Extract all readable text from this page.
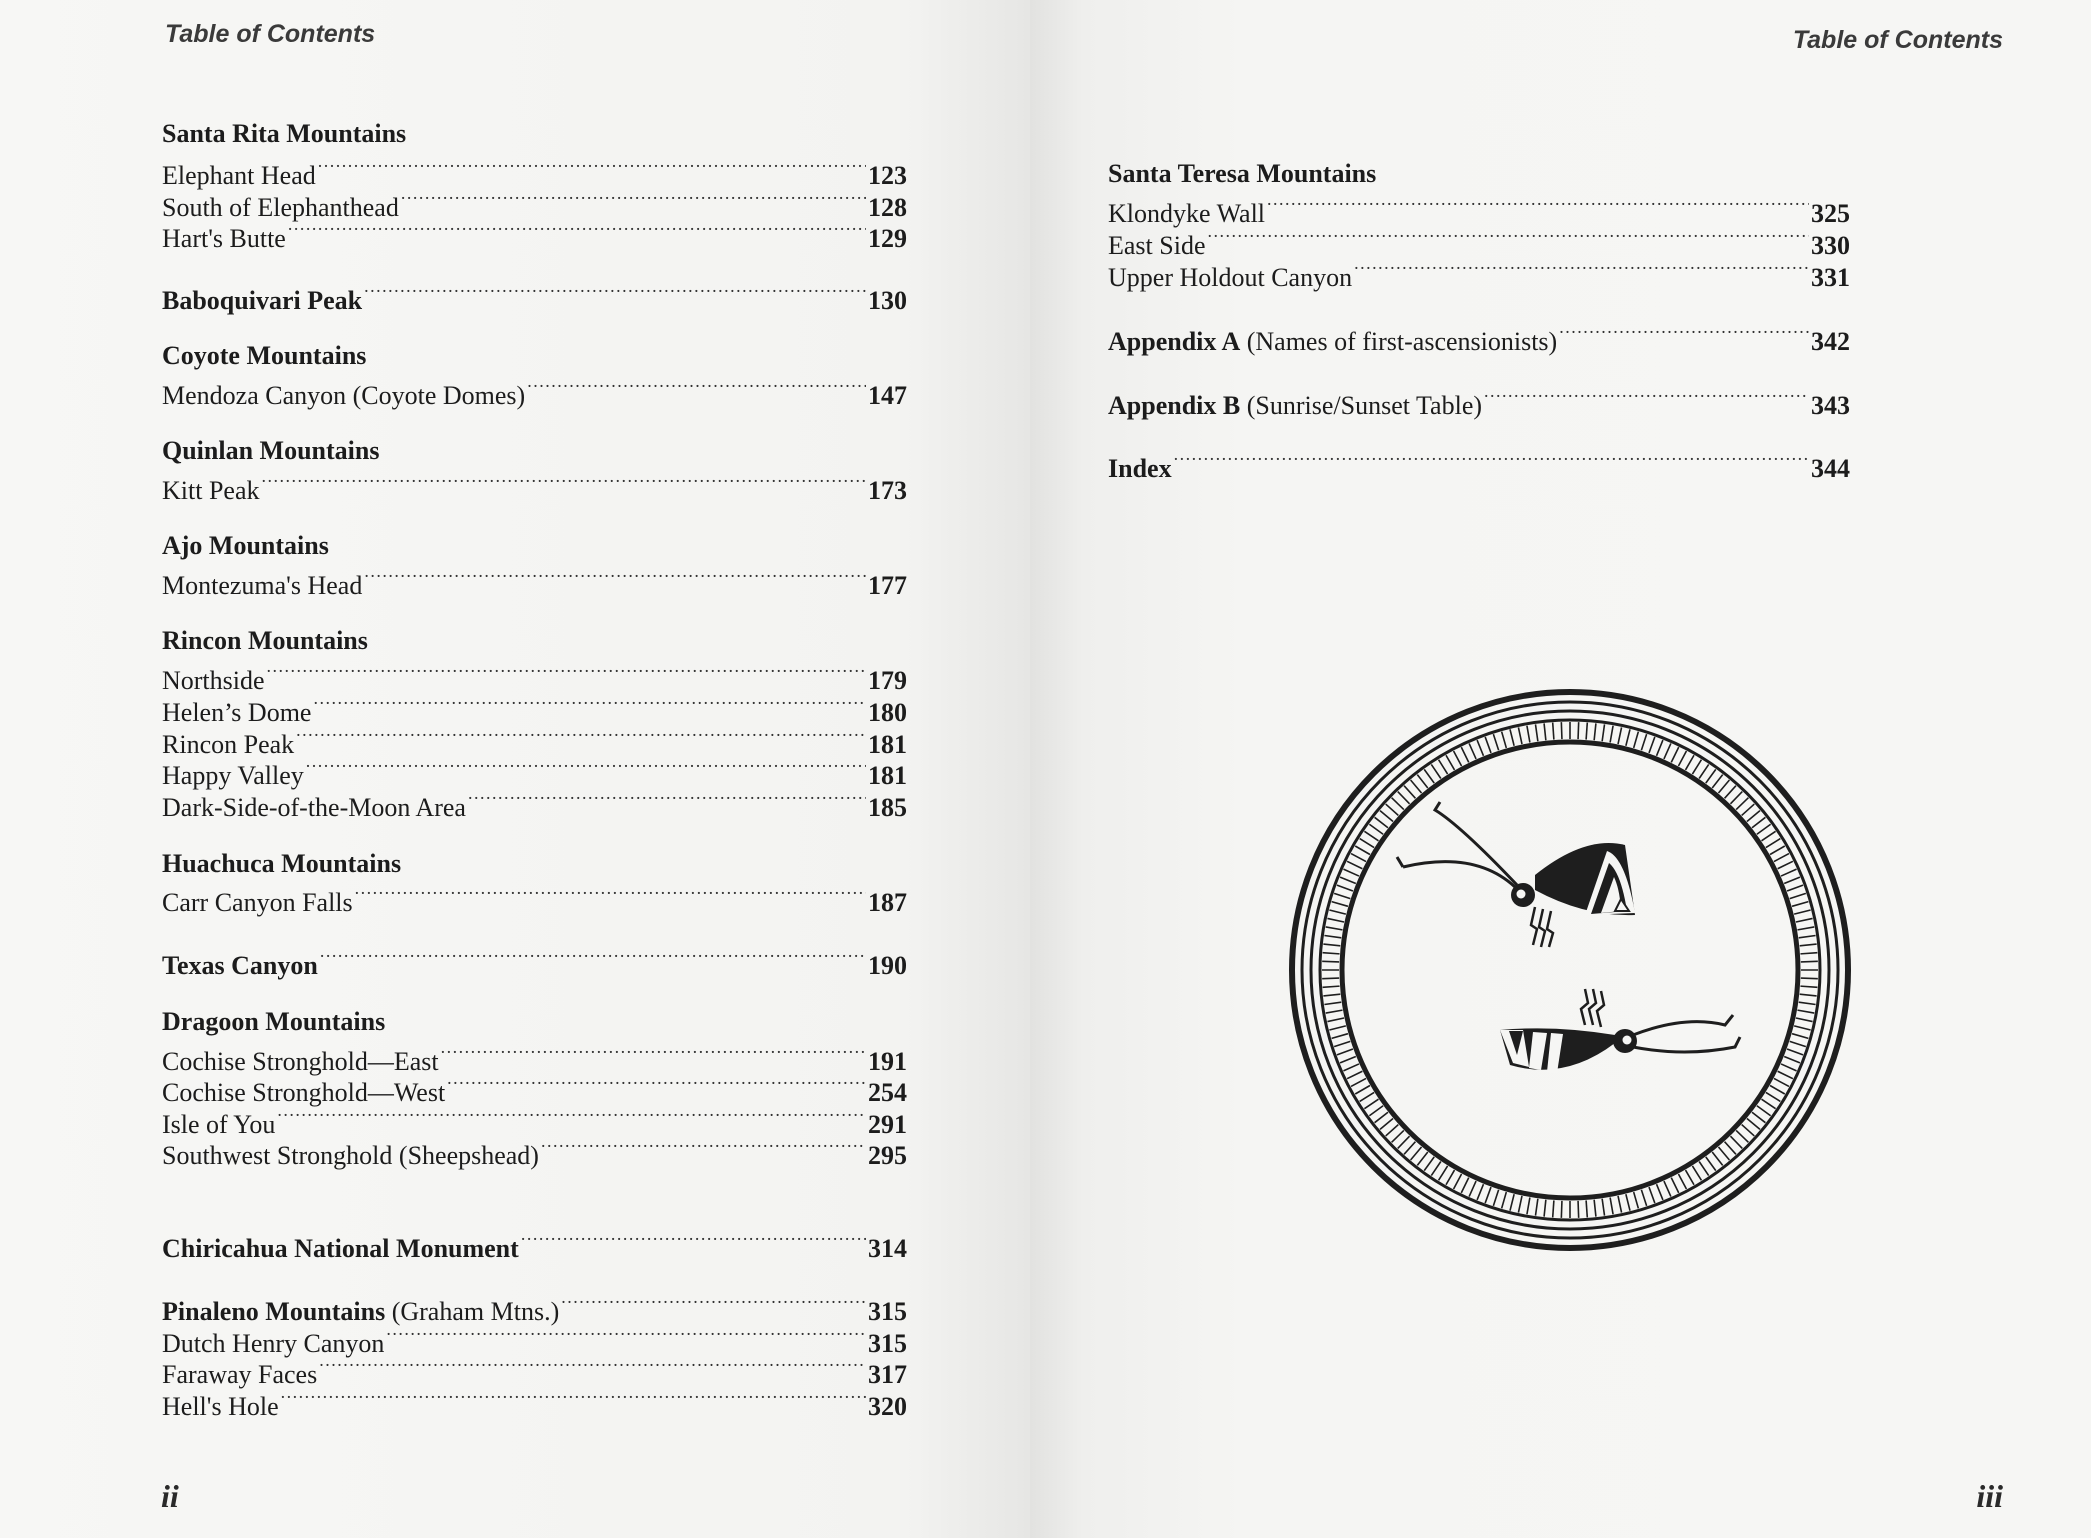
Table of Contents

Santa Rita Mountains
Elephant Head .....	123
South of Elephanthead .....	128
Hart's Butte .....	129
Baboquivari Peak .....	130
Coyote Mountains
Mendoza Canyon (Coyote Domes) .....	147
Quinlan Mountains
Kitt Peak .....	173
Ajo Mountains
Montezuma's Head .....	177
Rincon Mountains
Northside .....	179
Helen’s Dome .....	180
Rincon Peak .....	181
Happy Valley .....	181
Dark-Side-of-the-Moon Area .....	185
Huachuca Mountains
Carr Canyon Falls .....	187
Texas Canyon .....	190
Dragoon Mountains
Cochise Stronghold—East .....	191
Cochise Stronghold—West .....	254
Isle of You .....	291
Southwest Stronghold (Sheepshead) .....	295
Chiricahua National Monument .....	314
Pinaleno Mountains (Graham Mtns.) .....	315
Dutch Henry Canyon .....	315
Faraway Faces .....	317
Hell's Hole .....	320

ii

Table of Contents

iii

Santa Teresa Mountains
Klondyke Wall .....	325
East Side .....	330
Upper Holdout Canyon .....	331
Appendix A (Names of first-ascensionists) .....	342
Appendix B (Sunrise/Sunset Table) .....	343
Index .....	344
